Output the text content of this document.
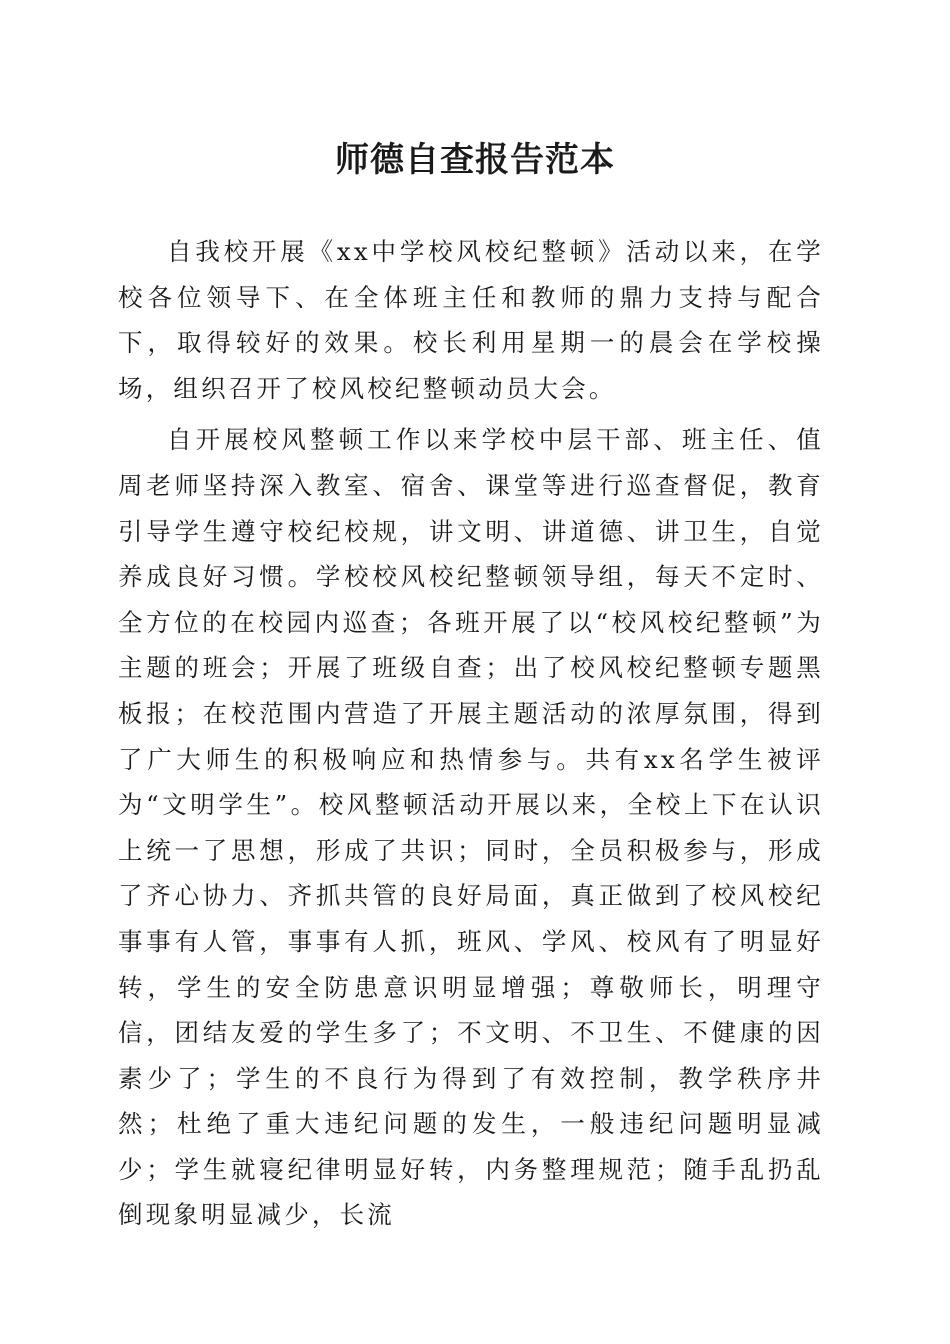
师德自查报告范本

自我校开展《xx中学校风校纪整顿》活动以来，在学校各位领导下、在全体班主任和教师的鼎力支持与配合下，取得较好的效果。校长利用星期一的晨会在学校操场，组织召开了校风校纪整顿动员大会。

自开展校风整顿工作以来学校中层干部、班主任、值周老师坚持深入教室、宿舍、课堂等进行巡查督促，教育引导学生遵守校纪校规，讲文明、讲道德、讲卫生，自觉养成良好习惯。学校校风校纪整顿领导组，每天不定时、全方位的在校园内巡查；各班开展了以“校风校纪整顿”为主题的班会；开展了班级自查；出了校风校纪整顿专题黑板报；在校范围内营造了开展主题活动的浓厚氛围，得到了广大师生的积极响应和热情参与。共有xx名学生被评为“文明学生”。校风整顿活动开展以来，全校上下在认识上统一了思想，形成了共识；同时，全员积极参与，形成了齐心协力、齐抓共管的良好局面，真正做到了校风校纪事事有人管，事事有人抓，班风、学风、校风有了明显好转，学生的安全防患意识明显增强；尊敬师长，明理守信，团结友爱的学生多了；不文明、不卫生、不健康的因素少了；学生的不良行为得到了有效控制，教学秩序井然；杜绝了重大违纪问题的发生，一般违纪问题明显减少；学生就寝纪律明显好转，内务整理规范；随手乱扔乱倒现象明显减少，长流
